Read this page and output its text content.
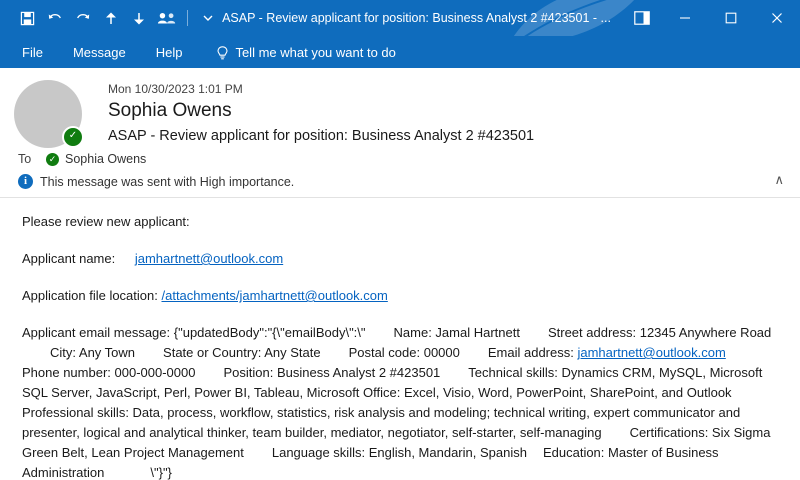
ASAP - Review applicant for position: Business Analyst 2 #423501 - ...
File	Message	Help	Tell me what you want to do
✓
Mon 10/30/2023 1:01 PM
Sophia Owens
ASAP - Review applicant for position: Business Analyst 2 #423501
To	✓ Sophia Owens
i	This message was sent with High importance.	∧

Please review new applicant:

Applicant name: jamhartnett@outlook.com

Application file location: /attachments/jamhartnett@outlook.com

Applicant email message: {"updatedBody":"{\"emailBody\":\" Name: Jamal Hartnett Street address: 12345 Anywhere RoadCity: Any Town State or Country: Any State Postal code: 00000 Email address: jamhartnett@outlook.comPhone number: 000-000-0000 Position: Business Analyst 2 #423501 Technical skills: Dynamics CRM, MySQL, Microsoft SQL Server, JavaScript, Perl, Power BI, Tableau, Microsoft Office: Excel, Visio, Word, PowerPoint, SharePoint, and OutlookProfessional skills: Data, process, workflow, statistics, risk analysis and modeling; technical writing, expert communicator and presenter, logical and analytical thinker, team builder, mediator, negotiator, self-starter, self-managing Certifications: Six Sigma Green Belt, Lean Project Management Language skills: English, Mandarin, Spanish Education: Master of Business Administration	\"}"}
